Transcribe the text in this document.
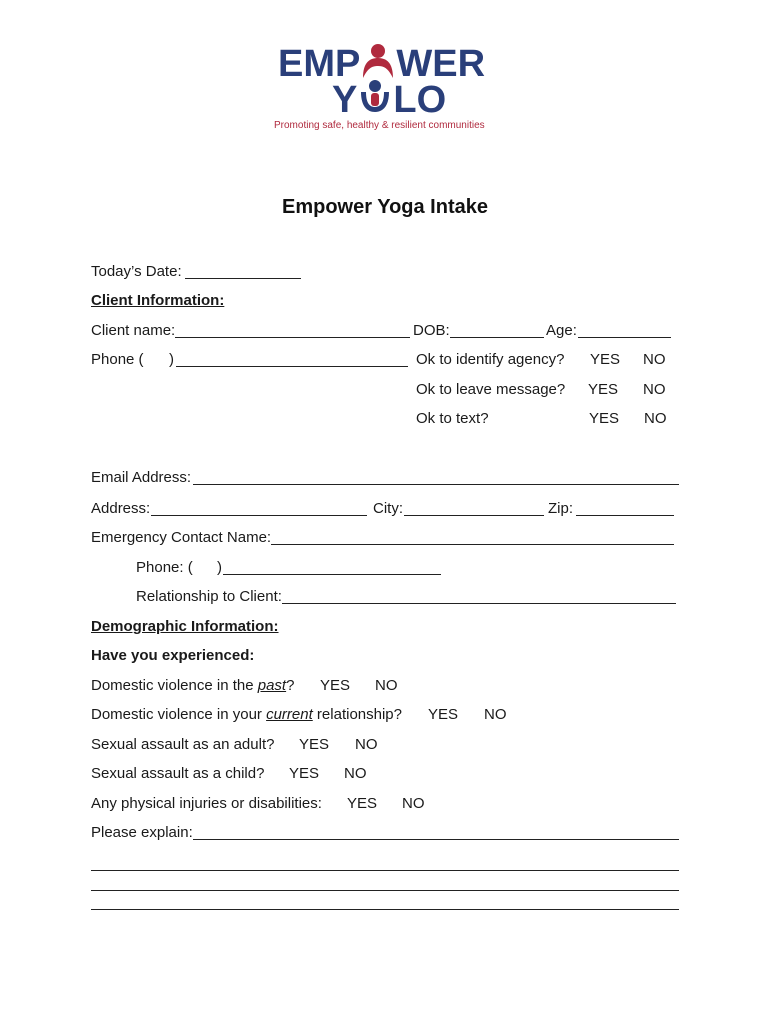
EMP WER
Y LO
Promoting safe, healthy & resilient communities
Empower Yoga Intake
Today’s Date:
Client Information:
Client name:	DOB:	Age:
Phone ( )	Ok to identify agency? YES NO
Ok to leave message? YES NO
Ok to text?	YES NO
Email Address:
Address:	City:	Zip:
Emergency Contact Name:
Phone: ( )
Relationship to Client:
Demographic Information:
Have you experienced:
Domestic violence in the past? YES NO
Domestic violence in your current relationship? YES NO
Sexual assault as an adult? YES NO
Sexual assault as a child? YES NO
Any physical injuries or disabilities: YES NO
Please explain:
